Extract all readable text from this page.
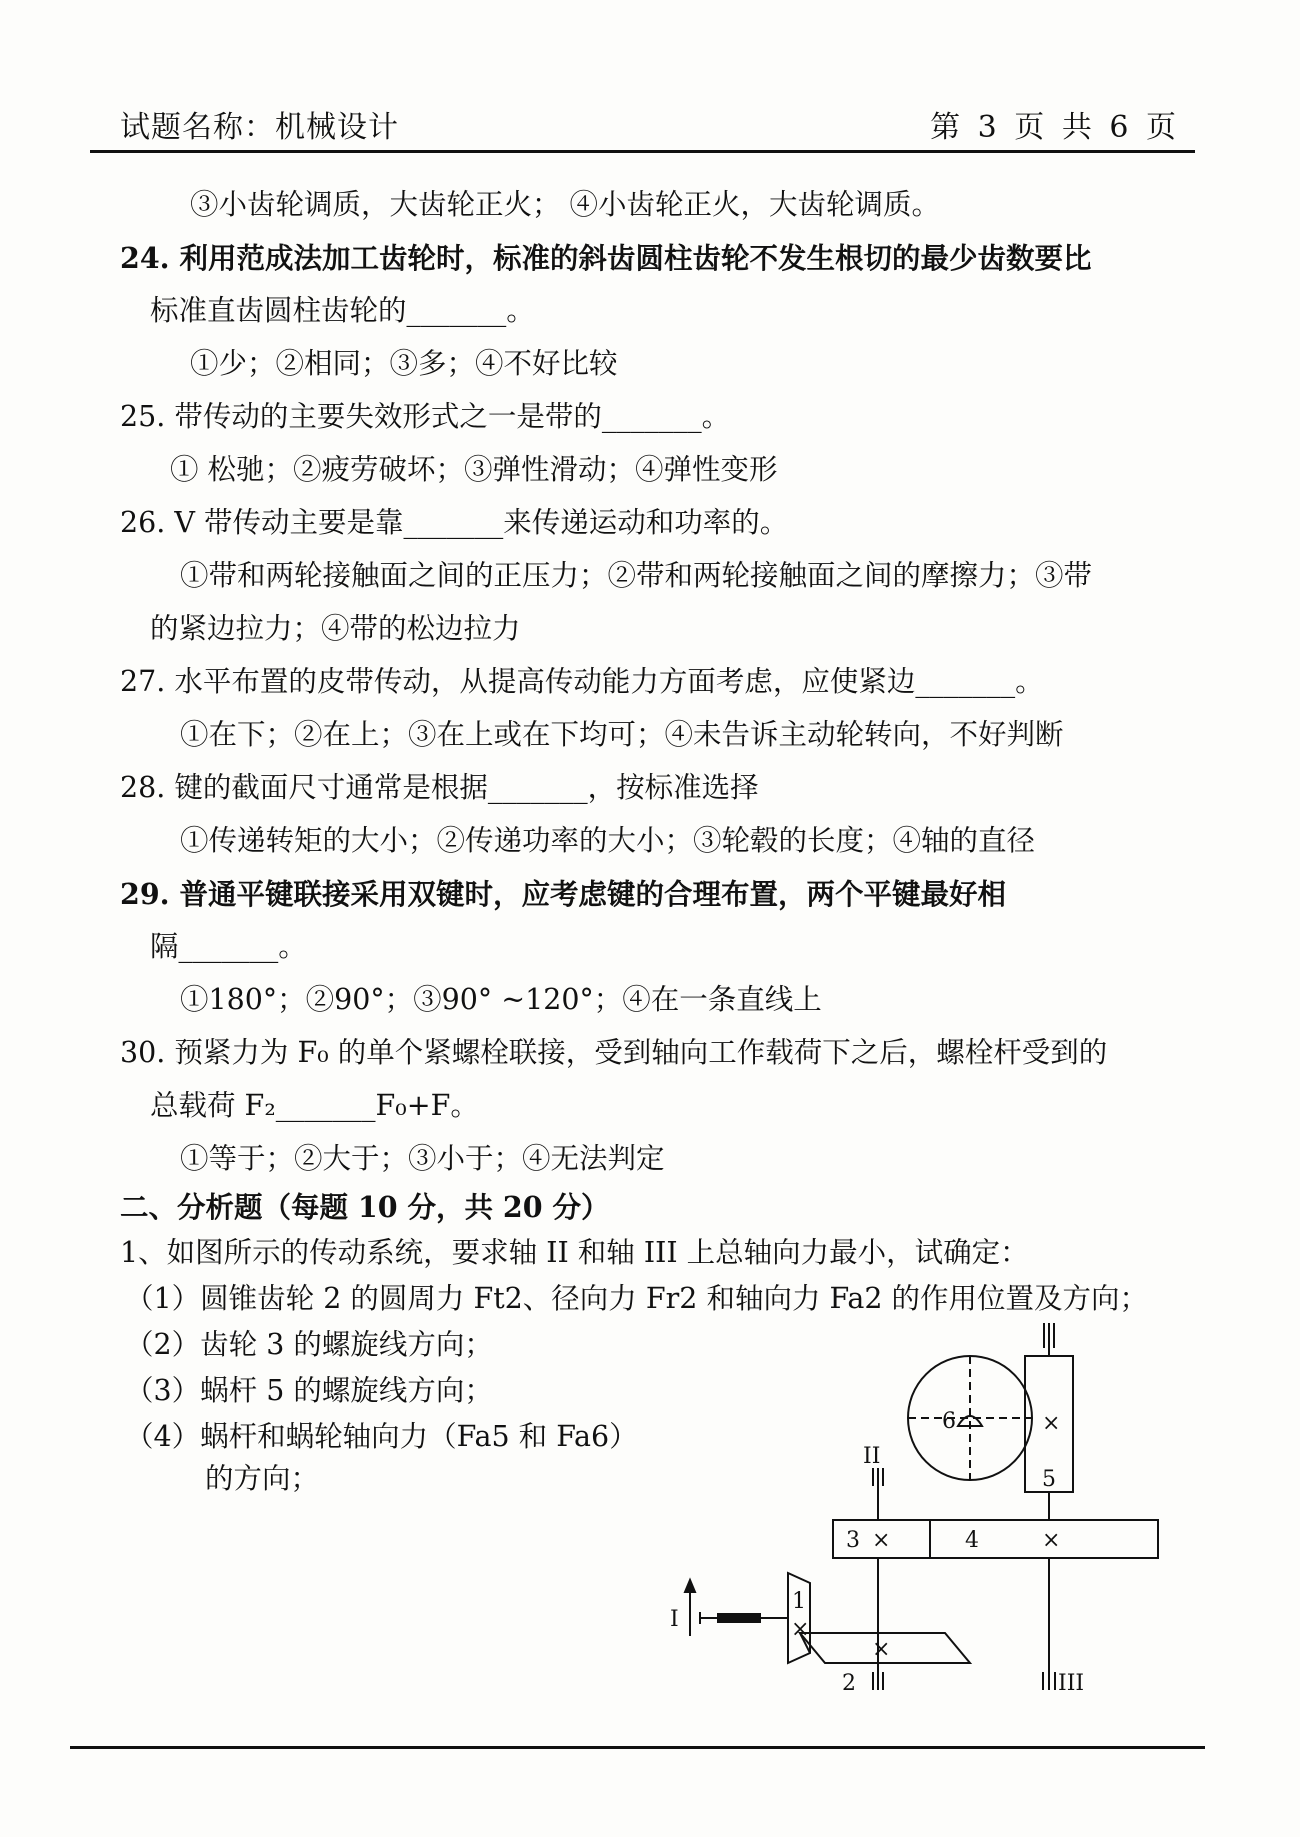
试题名称：机械设计	第 3 页 共 6 页
③小齿轮调质，大齿轮正火； ④小齿轮正火，大齿轮调质。
24. 利用范成法加工齿轮时，标准的斜齿圆柱齿轮不发生根切的最少齿数要比
标准直齿圆柱齿轮的_______。
①少；②相同；③多；④不好比较
25. 带传动的主要失效形式之一是带的_______。
① 松驰；②疲劳破坏；③弹性滑动；④弹性变形
26. V 带传动主要是靠_______来传递运动和功率的。
①带和两轮接触面之间的正压力；②带和两轮接触面之间的摩擦力；③带
的紧边拉力；④带的松边拉力
27. 水平布置的皮带传动，从提高传动能力方面考虑，应使紧边_______。
①在下；②在上；③在上或在下均可；④未告诉主动轮转向，不好判断
28. 键的截面尺寸通常是根据_______，按标准选择
①传递转矩的大小；②传递功率的大小；③轮毂的长度；④轴的直径
29. 普通平键联接采用双键时，应考虑键的合理布置，两个平键最好相
隔_______。
①180°；②90°；③90° ~120°；④在一条直线上
30. 预紧力为 F₀ 的单个紧螺栓联接，受到轴向工作载荷下之后，螺栓杆受到的
总载荷 F₂_______F₀+F。
①等于；②大于；③小于；④无法判定
二、分析题（每题 10 分，共 20 分）
1、如图所示的传动系统，要求轴 II 和轴 III 上总轴向力最小，试确定：
（1）圆锥齿轮 2 的圆周力 Ft2、径向力 Fr2 和轴向力 Fa2 的作用位置及方向；
（2）齿轮 3 的螺旋线方向；
（3）蜗杆 5 的螺旋线方向；
（4）蜗杆和蜗轮轴向力（Fa5 和 Fa6）
的方向；
I
1
2
II
3	4
III
5
6	×
×	×
×
×
